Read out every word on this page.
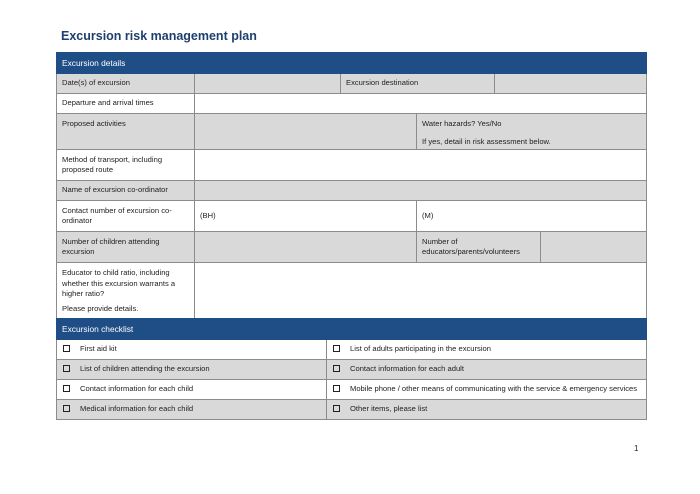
Excursion risk management plan
Excursion details					
Date(s) of excursion		Excursion destination			
Departure and arrival times					
Proposed activities			Water hazards? Yes/No

If yes, detail in risk assessment below.		

Method of transport, including proposed route					
Name of excursion co-ordinator					
Contact number of excursion co-ordinator	(BH)		(M)		
Number of children attending excursion			Number of educators/parents/volunteers		

Educator to child ratio, including whether this excursion warrants a higher ratio?

Please provide details.					

Excursion checklist	
First aid kit	List of adults participating in the excursion
List of children attending the excursion	Contact information for each adult
Contact information for each child	Mobile phone / other means of communicating with the service & emergency services
Medical information for each child	Other items, please list
1
